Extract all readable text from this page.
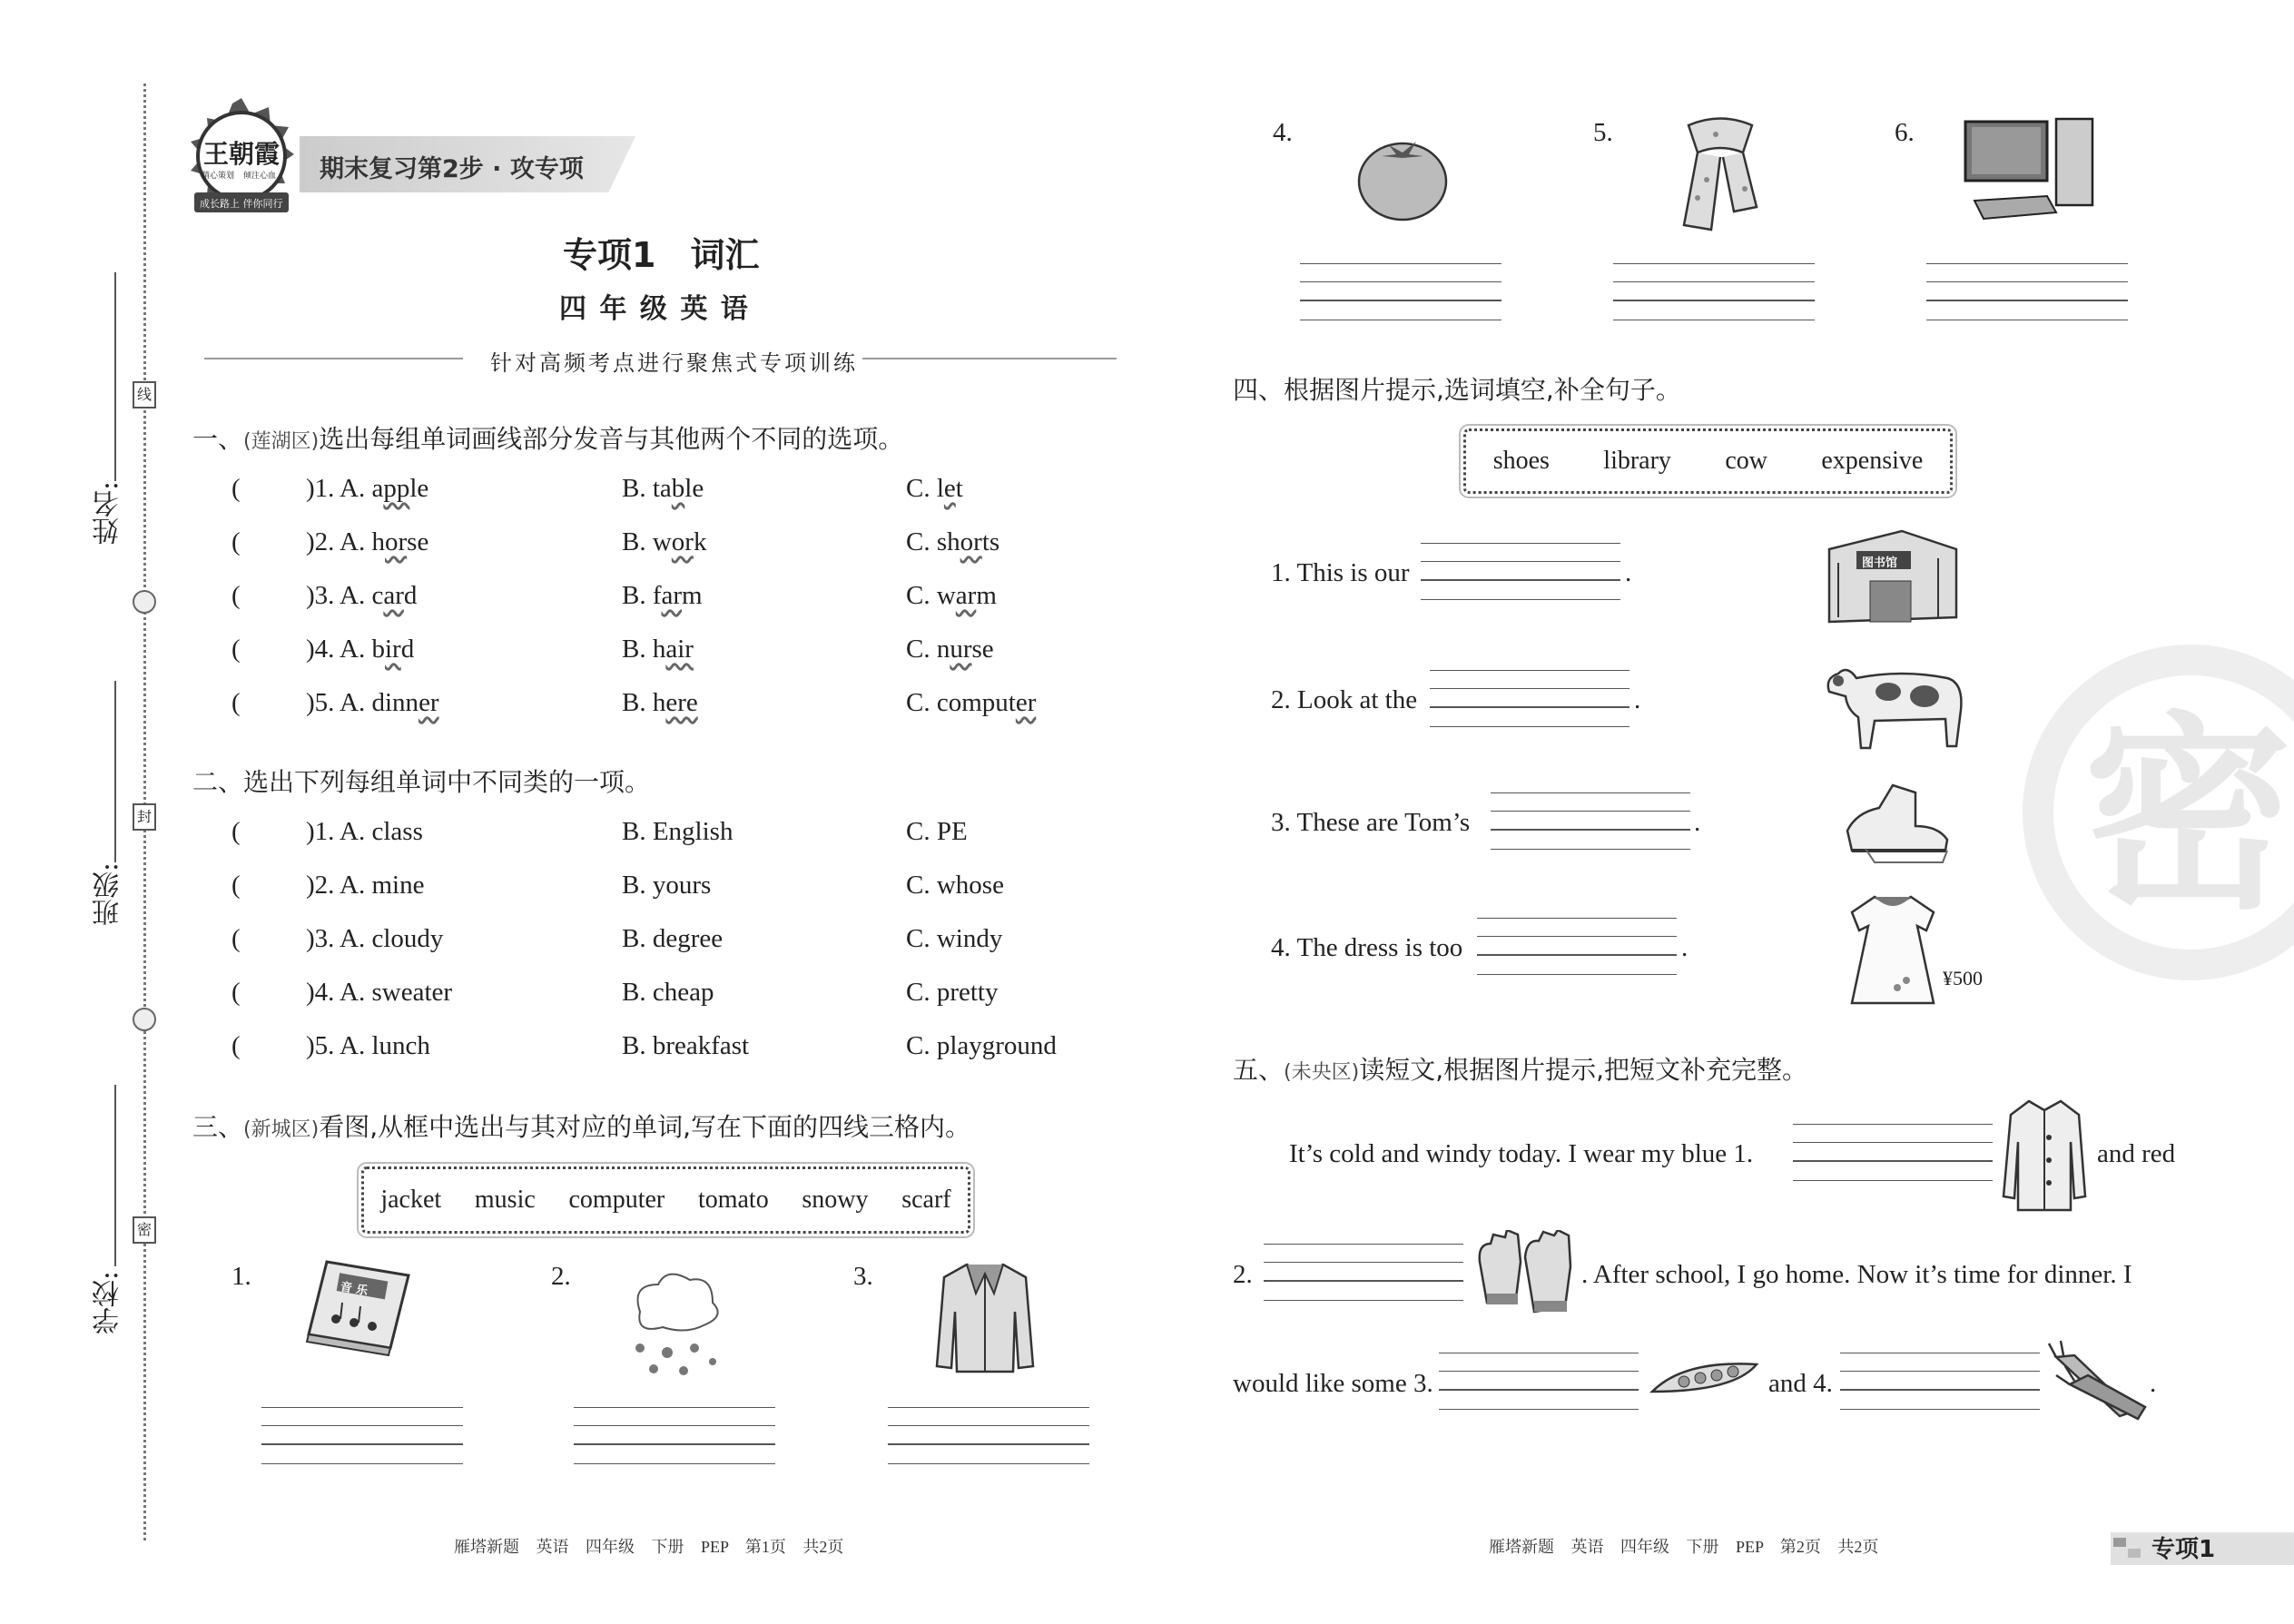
线
封
密
姓名:
班级:
学校:
王朝霞
精心策划 倾注心血
成长路上 伴你同行
期末复习第2步 · 攻专项
专项1　词汇
四 年 级 英 语
针对高频考点进行聚焦式专项训练
一、(莲湖区)选出每组单词画线部分发音与其他两个不同的选项。
( )1. A. apple	B. table	C. let
( )2. A. horse	B. work	C. shorts
( )3. A. card	B. farm	C. warm
( )4. A. bird	B. hair	C. nurse
( )5. A. dinner	B. here	C. computer
二、选出下列每组单词中不同类的一项。
( )1. A. class	B. English	C. PE
( )2. A. mine	B. yours	C. whose
( )3. A. cloudy	B. degree	C. windy
( )4. A. sweater	B. cheap	C. pretty
( )5. A. lunch	B. breakfast	C. playground
三、(新城区)看图,从框中选出与其对应的单词,写在下面的四线三格内。
jacket music computer tomato snowy scarf
1.	2.	3.
4.	5.	6.
音 乐
四、根据图片提示,选词填空,补全句子。
shoes library cow expensive
1. This is our	.
2. Look at the	.
3. These are Tom’s	.
4. The dress is too	.
图书馆
¥500
五、(未央区)读短文,根据图片提示,把短文补充完整。
It’s cold and windy today. I wear my blue 1.	and red
2.	. After school, I go home. Now it’s time for dinner. I
would like some 3.	and 4.	.
密
雁塔新题 英语 四年级 下册 PEP 第1页 共2页	雁塔新题 英语 四年级 下册 PEP 第2页 共2页	专项1
